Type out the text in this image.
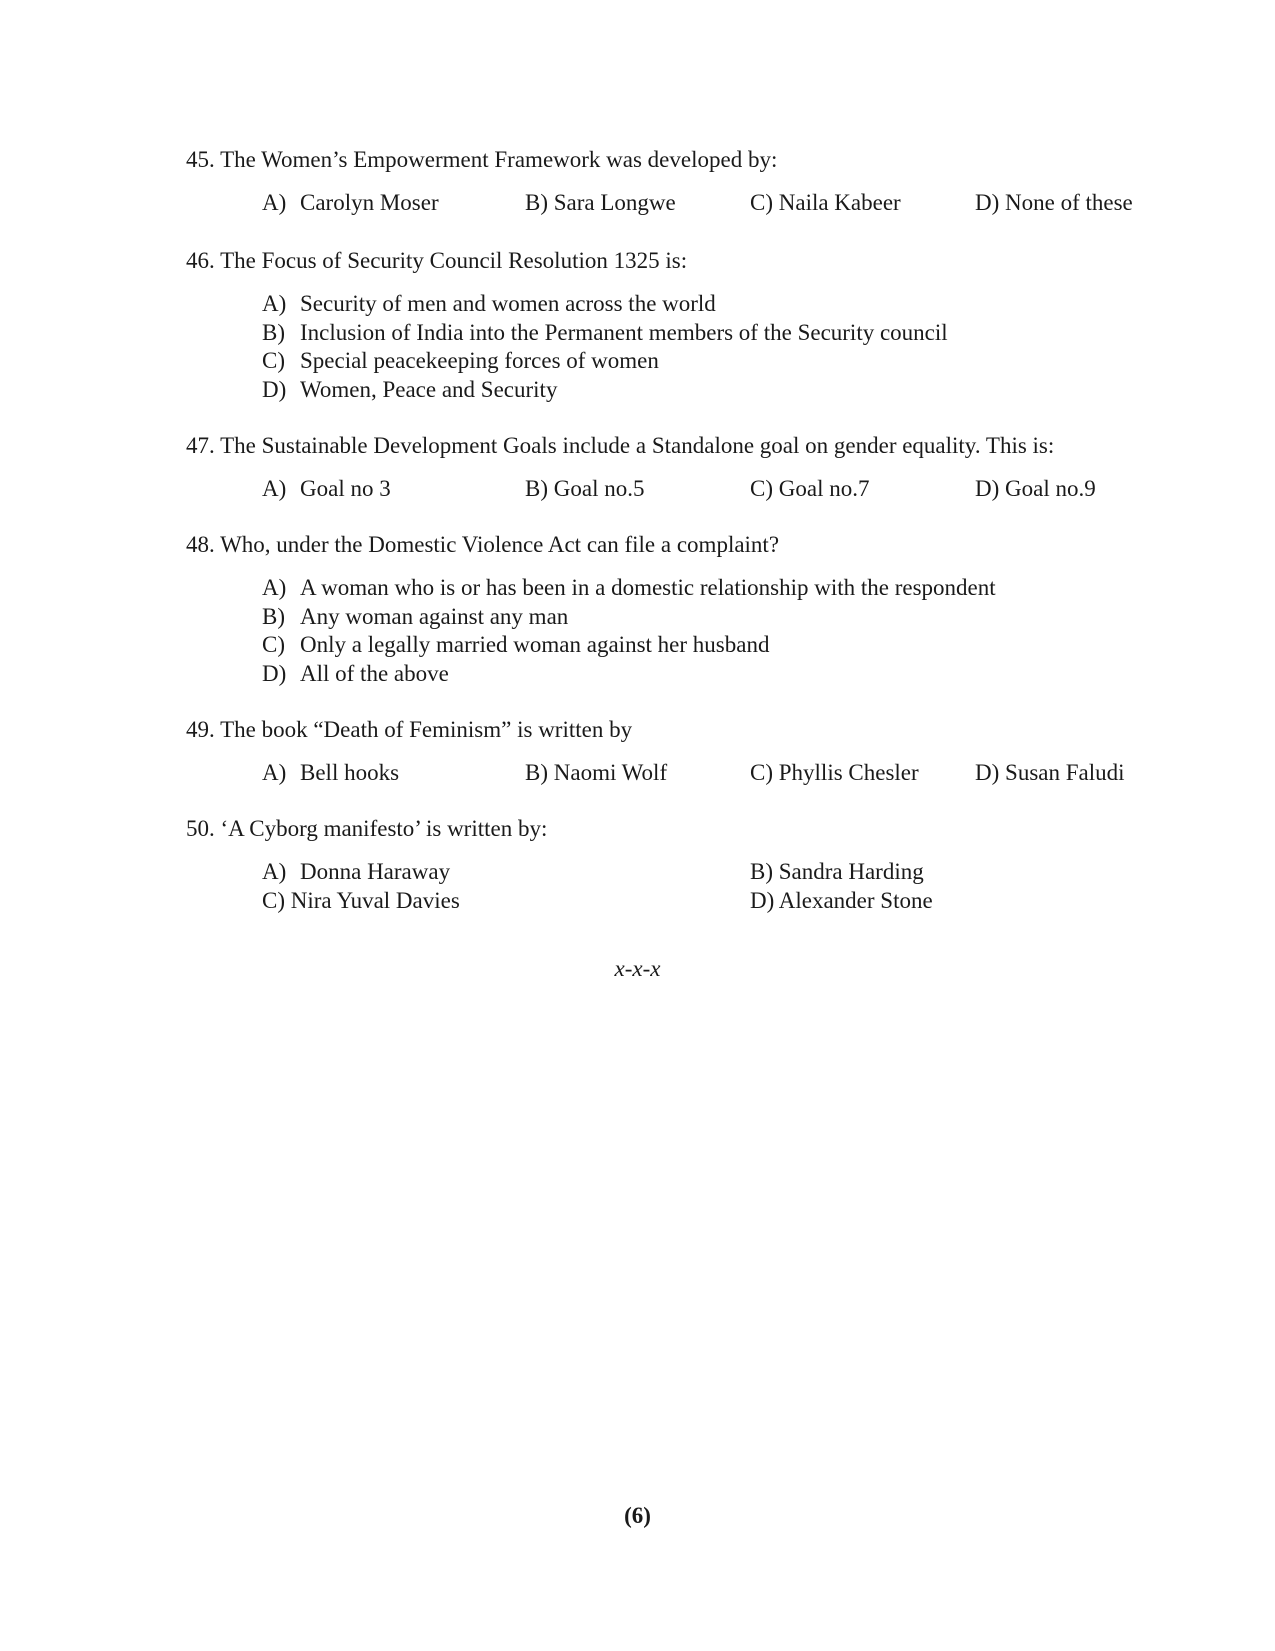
45. The Women’s Empowerment Framework was developed by:
A) Carolyn Moser	B) Sara Longwe	C) Naila Kabeer	D) None of these
46. The Focus of Security Council Resolution 1325 is:
A) Security of men and women across the world
B) Inclusion of India into the Permanent members of the Security council
C) Special peacekeeping forces of women
D) Women, Peace and Security
47. The Sustainable Development Goals include a Standalone goal on gender equality. This is:
A) Goal no 3	B) Goal no.5	C) Goal no.7	D) Goal no.9
48. Who, under the Domestic Violence Act can file a complaint?
A) A woman who is or has been in a domestic relationship with the respondent
B) Any woman against any man
C) Only a legally married woman against her husband
D) All of the above
49. The book “Death of Feminism” is written by
A) Bell hooks	B) Naomi Wolf	C) Phyllis Chesler D) Susan Faludi
50. ‘A Cyborg manifesto’ is written by:
A) Donna Haraway	B) Sandra Harding
C) Nira Yuval Davies	D) Alexander Stone
x-x-x
(6)
